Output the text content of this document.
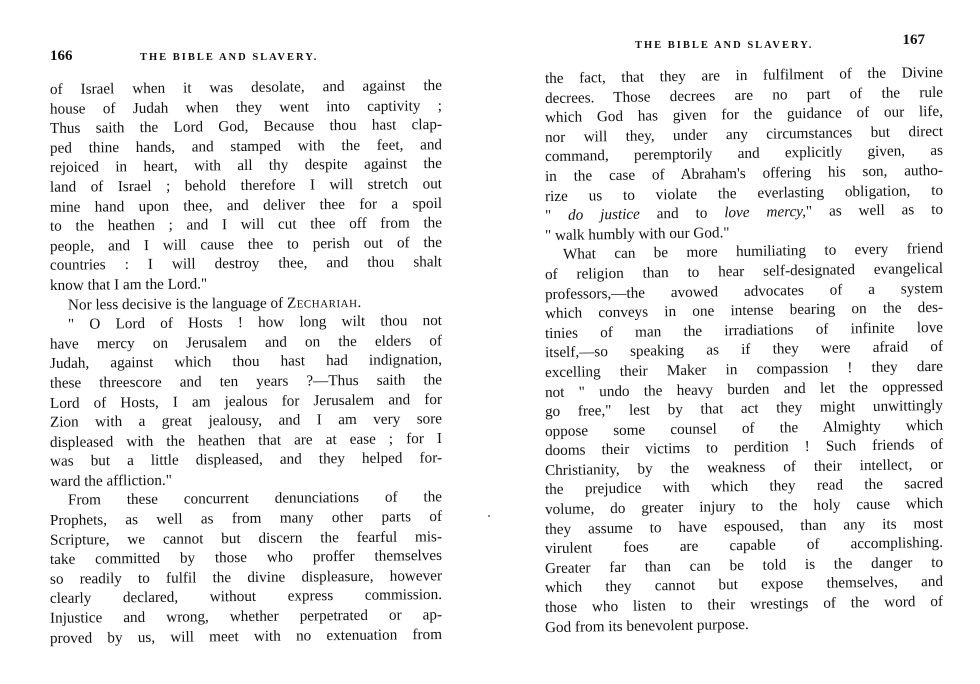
166	THE BIBLE AND SLAVERY.
of Israel when it was desolate, and against the
house of Judah when they went into captivity ;
Thus saith the Lord God, Because thou hast clap-
ped thine hands, and stamped with the feet, and
rejoiced in heart, with all thy despite against the
land of Israel ; behold therefore I will stretch out
mine hand upon thee, and deliver thee for a spoil
to the heathen ; and I will cut thee off from the
people, and I will cause thee to perish out of the
countries : I will destroy thee, and thou shalt
know that I am the Lord."
Nor less decisive is the language of Zechariah.
" O Lord of Hosts ! how long wilt thou not
have mercy on Jerusalem and on the elders of
Judah, against which thou hast had indignation,
these threescore and ten years ?—Thus saith the
Lord of Hosts, I am jealous for Jerusalem and for
Zion with a great jealousy, and I am very sore
displeased with the heathen that are at ease ; for I
was but a little displeased, and they helped for-
ward the affliction."
From these concurrent denunciations of the
Prophets, as well as from many other parts of
Scripture, we cannot but discern the fearful mis-
take committed by those who proffer themselves
so readily to fulfil the divine displeasure, however
clearly declared, without express commission.
Injustice and wrong, whether perpetrated or ap-
proved by us, will meet with no extenuation from
THE BIBLE AND SLAVERY.	167
the fact, that they are in fulfilment of the Divine
decrees. Those decrees are no part of the rule
which God has given for the guidance of our life,
nor will they, under any circumstances but direct
command, peremptorily and explicitly given, as
in the case of Abraham's offering his son, autho-
rize us to violate the everlasting obligation, to
" do justice and to love mercy," as well as to
" walk humbly with our God."
What can be more humiliating to every friend
of religion than to hear self-designated evangelical
professors,—the avowed advocates of a system
which conveys in one intense bearing on the des-
tinies of man the irradiations of infinite love
itself,—so speaking as if they were afraid of
excelling their Maker in compassion ! they dare
not " undo the heavy burden and let the oppressed
go free," lest by that act they might unwittingly
oppose some counsel of the Almighty which
dooms their victims to perdition ! Such friends of
Christianity, by the weakness of their intellect, or
the prejudice with which they read the sacred
volume, do greater injury to the holy cause which
they assume to have espoused, than any its most
virulent foes are capable of accomplishing.
Greater far than can be told is the danger to
which they cannot but expose themselves, and
those who listen to their wrestings of the word of
God from its benevolent purpose.
